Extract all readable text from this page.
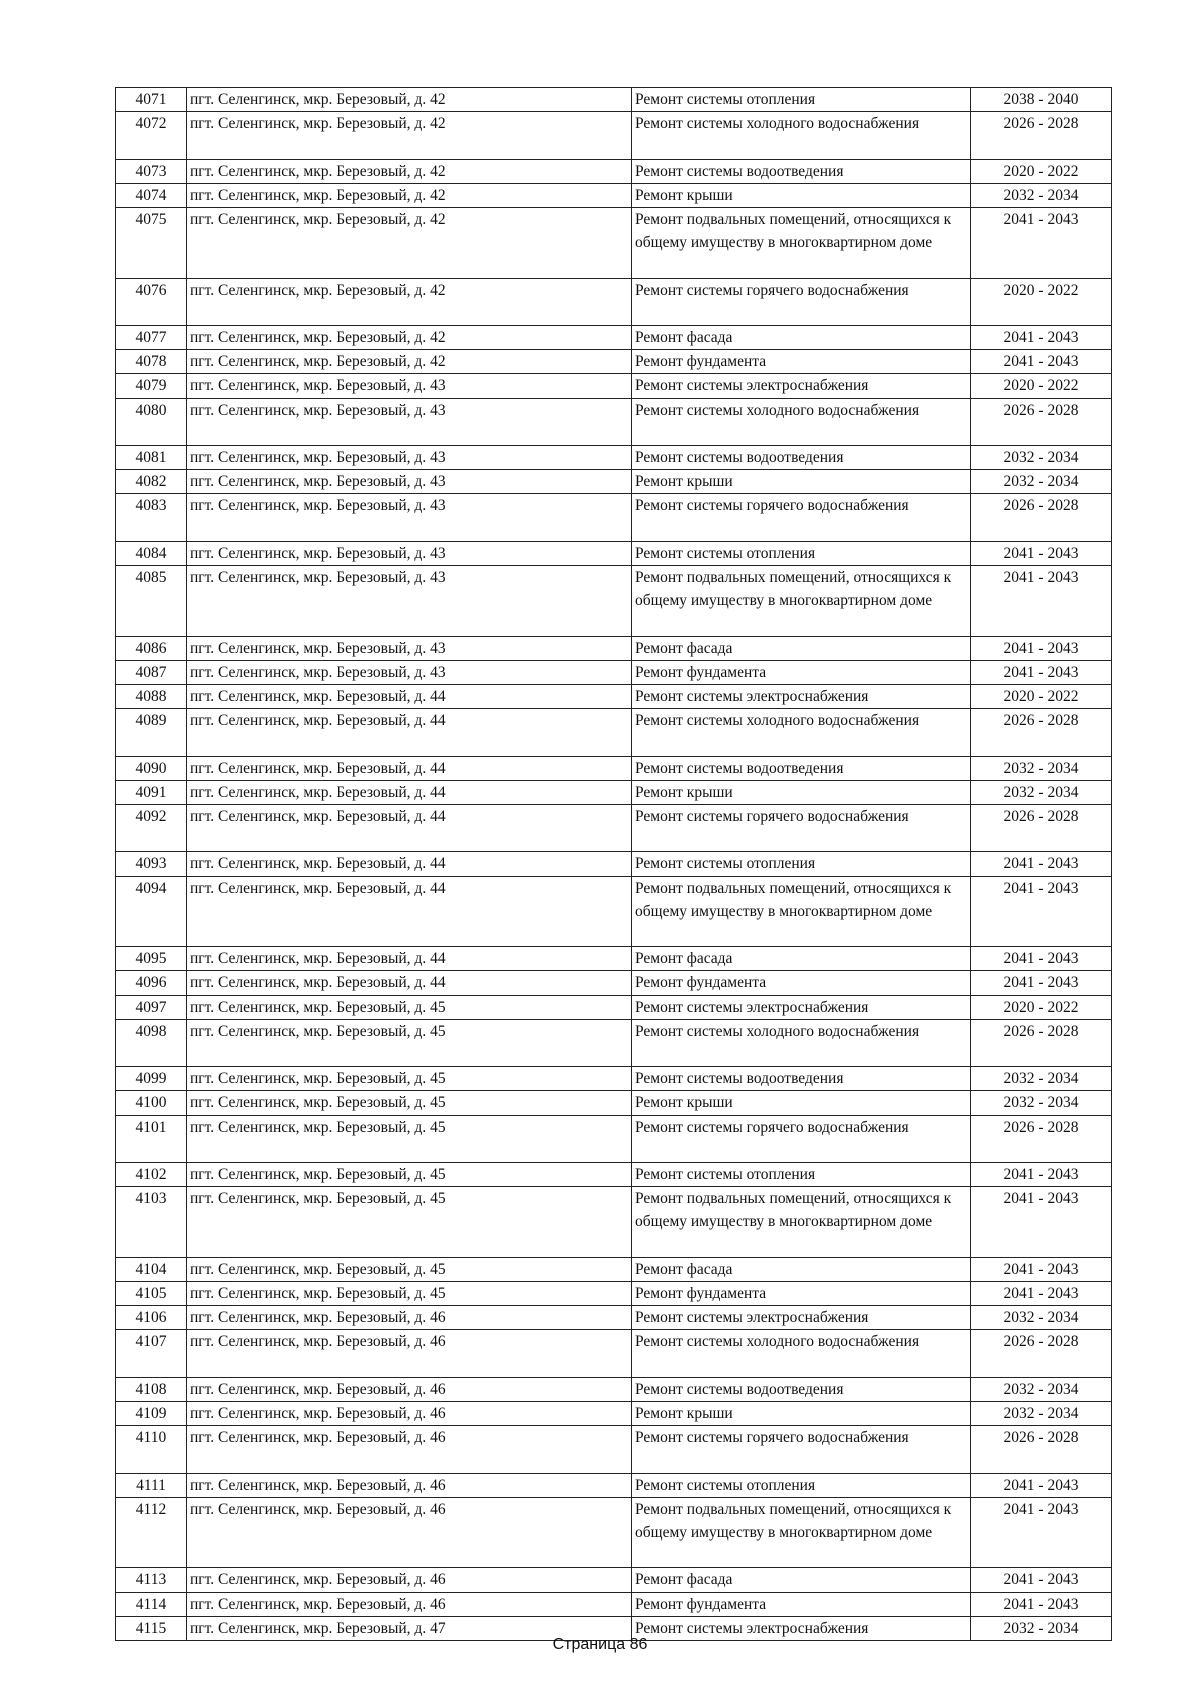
4071	пгт. Селенгинск, мкр. Березовый, д. 42	Ремонт системы отопления	2038 - 2040
4072	пгт. Селенгинск, мкр. Березовый, д. 42	Ремонт системы холодного водоснабжения	2026 - 2028
4073	пгт. Селенгинск, мкр. Березовый, д. 42	Ремонт системы водоотведения	2020 - 2022
4074	пгт. Селенгинск, мкр. Березовый, д. 42	Ремонт крыши	2032 - 2034
4075	пгт. Селенгинск, мкр. Березовый, д. 42	Ремонт подвальных помещений, относящихся к общему имуществу в многоквартирном доме	2041 - 2043
4076	пгт. Селенгинск, мкр. Березовый, д. 42	Ремонт системы горячего водоснабжения	2020 - 2022
4077	пгт. Селенгинск, мкр. Березовый, д. 42	Ремонт фасада	2041 - 2043
4078	пгт. Селенгинск, мкр. Березовый, д. 42	Ремонт фундамента	2041 - 2043
4079	пгт. Селенгинск, мкр. Березовый, д. 43	Ремонт системы электроснабжения	2020 - 2022
4080	пгт. Селенгинск, мкр. Березовый, д. 43	Ремонт системы холодного водоснабжения	2026 - 2028
4081	пгт. Селенгинск, мкр. Березовый, д. 43	Ремонт системы водоотведения	2032 - 2034
4082	пгт. Селенгинск, мкр. Березовый, д. 43	Ремонт крыши	2032 - 2034
4083	пгт. Селенгинск, мкр. Березовый, д. 43	Ремонт системы горячего водоснабжения	2026 - 2028
4084	пгт. Селенгинск, мкр. Березовый, д. 43	Ремонт системы отопления	2041 - 2043
4085	пгт. Селенгинск, мкр. Березовый, д. 43	Ремонт подвальных помещений, относящихся к общему имуществу в многоквартирном доме	2041 - 2043
4086	пгт. Селенгинск, мкр. Березовый, д. 43	Ремонт фасада	2041 - 2043
4087	пгт. Селенгинск, мкр. Березовый, д. 43	Ремонт фундамента	2041 - 2043
4088	пгт. Селенгинск, мкр. Березовый, д. 44	Ремонт системы электроснабжения	2020 - 2022
4089	пгт. Селенгинск, мкр. Березовый, д. 44	Ремонт системы холодного водоснабжения	2026 - 2028
4090	пгт. Селенгинск, мкр. Березовый, д. 44	Ремонт системы водоотведения	2032 - 2034
4091	пгт. Селенгинск, мкр. Березовый, д. 44	Ремонт крыши	2032 - 2034
4092	пгт. Селенгинск, мкр. Березовый, д. 44	Ремонт системы горячего водоснабжения	2026 - 2028
4093	пгт. Селенгинск, мкр. Березовый, д. 44	Ремонт системы отопления	2041 - 2043
4094	пгт. Селенгинск, мкр. Березовый, д. 44	Ремонт подвальных помещений, относящихся к общему имуществу в многоквартирном доме	2041 - 2043
4095	пгт. Селенгинск, мкр. Березовый, д. 44	Ремонт фасада	2041 - 2043
4096	пгт. Селенгинск, мкр. Березовый, д. 44	Ремонт фундамента	2041 - 2043
4097	пгт. Селенгинск, мкр. Березовый, д. 45	Ремонт системы электроснабжения	2020 - 2022
4098	пгт. Селенгинск, мкр. Березовый, д. 45	Ремонт системы холодного водоснабжения	2026 - 2028
4099	пгт. Селенгинск, мкр. Березовый, д. 45	Ремонт системы водоотведения	2032 - 2034
4100	пгт. Селенгинск, мкр. Березовый, д. 45	Ремонт крыши	2032 - 2034
4101	пгт. Селенгинск, мкр. Березовый, д. 45	Ремонт системы горячего водоснабжения	2026 - 2028
4102	пгт. Селенгинск, мкр. Березовый, д. 45	Ремонт системы отопления	2041 - 2043
4103	пгт. Селенгинск, мкр. Березовый, д. 45	Ремонт подвальных помещений, относящихся к общему имуществу в многоквартирном доме	2041 - 2043
4104	пгт. Селенгинск, мкр. Березовый, д. 45	Ремонт фасада	2041 - 2043
4105	пгт. Селенгинск, мкр. Березовый, д. 45	Ремонт фундамента	2041 - 2043
4106	пгт. Селенгинск, мкр. Березовый, д. 46	Ремонт системы электроснабжения	2032 - 2034
4107	пгт. Селенгинск, мкр. Березовый, д. 46	Ремонт системы холодного водоснабжения	2026 - 2028
4108	пгт. Селенгинск, мкр. Березовый, д. 46	Ремонт системы водоотведения	2032 - 2034
4109	пгт. Селенгинск, мкр. Березовый, д. 46	Ремонт крыши	2032 - 2034
4110	пгт. Селенгинск, мкр. Березовый, д. 46	Ремонт системы горячего водоснабжения	2026 - 2028
4111	пгт. Селенгинск, мкр. Березовый, д. 46	Ремонт системы отопления	2041 - 2043
4112	пгт. Селенгинск, мкр. Березовый, д. 46	Ремонт подвальных помещений, относящихся к общему имуществу в многоквартирном доме	2041 - 2043
4113	пгт. Селенгинск, мкр. Березовый, д. 46	Ремонт фасада	2041 - 2043
4114	пгт. Селенгинск, мкр. Березовый, д. 46	Ремонт фундамента	2041 - 2043
4115	пгт. Селенгинск, мкр. Березовый, д. 47	Ремонт системы электроснабжения	2032 - 2034
Страница 86
